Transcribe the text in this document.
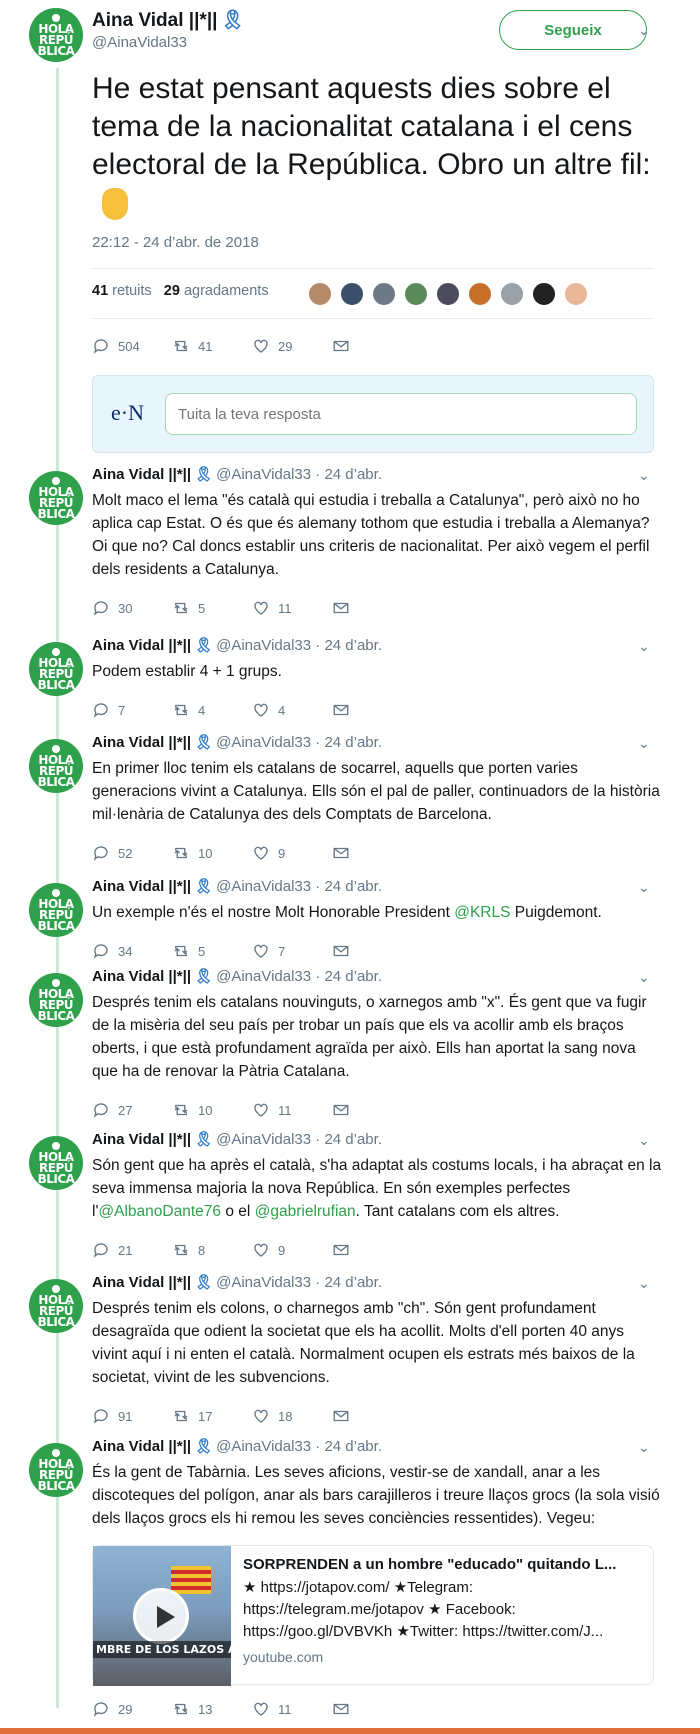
HOLA
REPÚ
BLICA
Aina Vidal ||*|| 🎗
@AinaVidal33
Segueix	⌄
He estat pensant aquests dies sobre el tema de la nacionalitat catalana i el cens electoral de la República. Obro un altre fil:
22:12 - 24 d’abr. de 2018
41 retuits 29 agradaments
504	41	29
e·N
Tuita la teva resposta
HOLA
REPÚ
BLICA
Aina Vidal ||*|| 🎗 @AinaVidal33 · 24 d’abr.	⌄
Molt maco el lema "és català qui estudia i treballa a Catalunya", però això no ho aplica cap Estat. O és que és alemany tothom que estudia i treballa a Alemanya? Oi que no? Cal doncs establir uns criteris de nacionalitat. Per això vegem el perfil dels residents a Catalunya.
30	5	11
HOLA
REPÚ
BLICA
Aina Vidal ||*|| 🎗 @AinaVidal33 · 24 d’abr.	⌄
Podem establir 4 + 1 grups.
7	4	4
HOLA
REPÚ
BLICA
Aina Vidal ||*|| 🎗 @AinaVidal33 · 24 d’abr.	⌄
En primer lloc tenim els catalans de socarrel, aquells que porten varies generacions vivint a Catalunya. Ells són el pal de paller, continuadors de la història mil·lenària de Catalunya des dels Comptats de Barcelona.
52	10	9
HOLA
REPÚ
BLICA
Aina Vidal ||*|| 🎗 @AinaVidal33 · 24 d’abr.	⌄
Un exemple n'és el nostre Molt Honorable President @KRLS Puigdemont.
34	5	7
HOLA
REPÚ
BLICA
Aina Vidal ||*|| 🎗 @AinaVidal33 · 24 d’abr.	⌄
Després tenim els catalans nouvinguts, o xarnegos amb "x". És gent que va fugir de la misèria del seu país per trobar un país que els va acollir amb els braços oberts, i que està profundament agraïda per això. Ells han aportat la sang nova que ha de renovar la Pàtria Catalana.
27	10	11
HOLA
REPÚ
BLICA
Aina Vidal ||*|| 🎗 @AinaVidal33 · 24 d’abr.	⌄
Són gent que ha après el català, s'ha adaptat als costums locals, i ha abraçat en la seva immensa majoria la nova República. En són exemples perfectes l'@AlbanoDante76 o el @gabrielrufian. Tant catalans com els altres.
21	8	9
HOLA
REPÚ
BLICA
Aina Vidal ||*|| 🎗 @AinaVidal33 · 24 d’abr.	⌄
Després tenim els colons, o charnegos amb "ch". Són gent profundament desagraïda que odient la societat que els ha acollit. Molts d'ell porten 40 anys vivint aquí i ni enten el català. Normalment ocupen els estrats més baixos de la societat, vivint de les subvencions.
91	17	18
HOLA
REPÚ
BLICA
Aina Vidal ||*|| 🎗 @AinaVidal33 · 24 d’abr.	⌄
És la gent de Tabàrnia. Les seves aficions, vestir-se de xandall, anar a les discoteques del polígon, anar als bars carajilleros i treure llaços grocs (la sola visió dels llaços grocs els hi remou les seves conciències ressentides). Vegeu:
29	13	11
MBRE DE LOS LAZOS AMA
SORPRENDEN a un hombre "educado" quitando L...
★ https://jotapov.com/ ★Telegram:
https://telegram.me/jotapov ★ Facebook:
https://goo.gl/DVBVKh ★Twitter: https://twitter.com/J...
youtube.com
